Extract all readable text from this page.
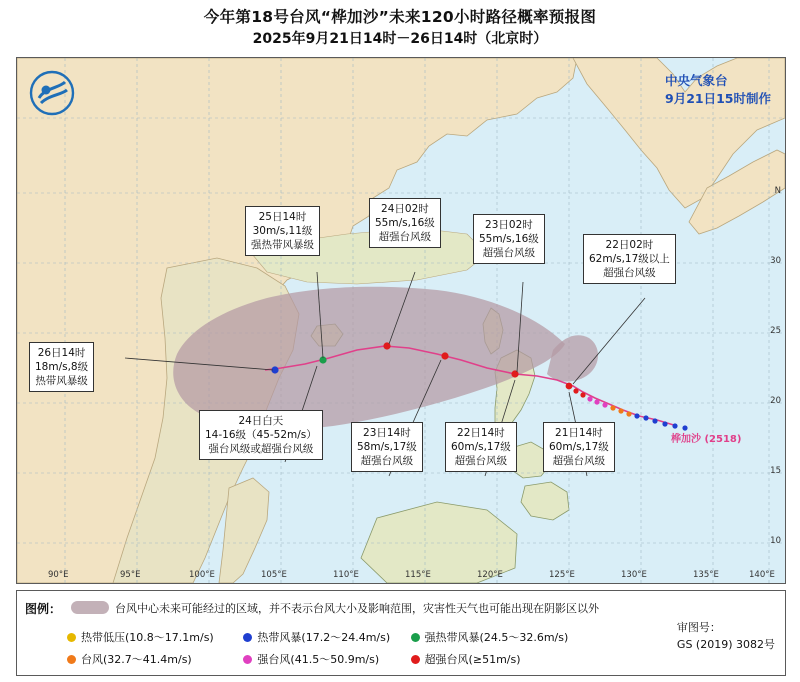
今年第18号台风“桦加沙”未来120小时路径概率预报图
2025年9月21日14时－26日14时（北京时）
中央气象台
9月21日15时制作
桦加沙 (2518)
26日14时
18m/s,8级
热带风暴级
25日14时
30m/s,11级
强热带风暴级
24日02时
55m/s,16级
超强台风级
23日02时
55m/s,16级
超强台风级
22日02时
62m/s,17级以上
超强台风级
24日白天
14-16级（45-52m/s）
强台风级或超强台风级
23日14时
58m/s,17级
超强台风级
22日14时
60m/s,17级
超强台风级
21日14时
60m/s,17级
超强台风级
10
15
20
25
30
N
90°E	95°E	100°E	105°E	110°E	115°E	120°E	125°E	130°E	135°E	140°E
图例：	台风中心未来可能经过的区域，并不表示台风大小及影响范围，灾害性天气也可能出现在阴影区以外
热带低压(10.8～17.1m/s)	热带风暴(17.2～24.4m/s)	强热带风暴(24.5～32.6m/s)
台风(32.7～41.4m/s)	强台风(41.5～50.9m/s)	超强台风(≥51m/s)
审图号：
GS (2019) 3082号
